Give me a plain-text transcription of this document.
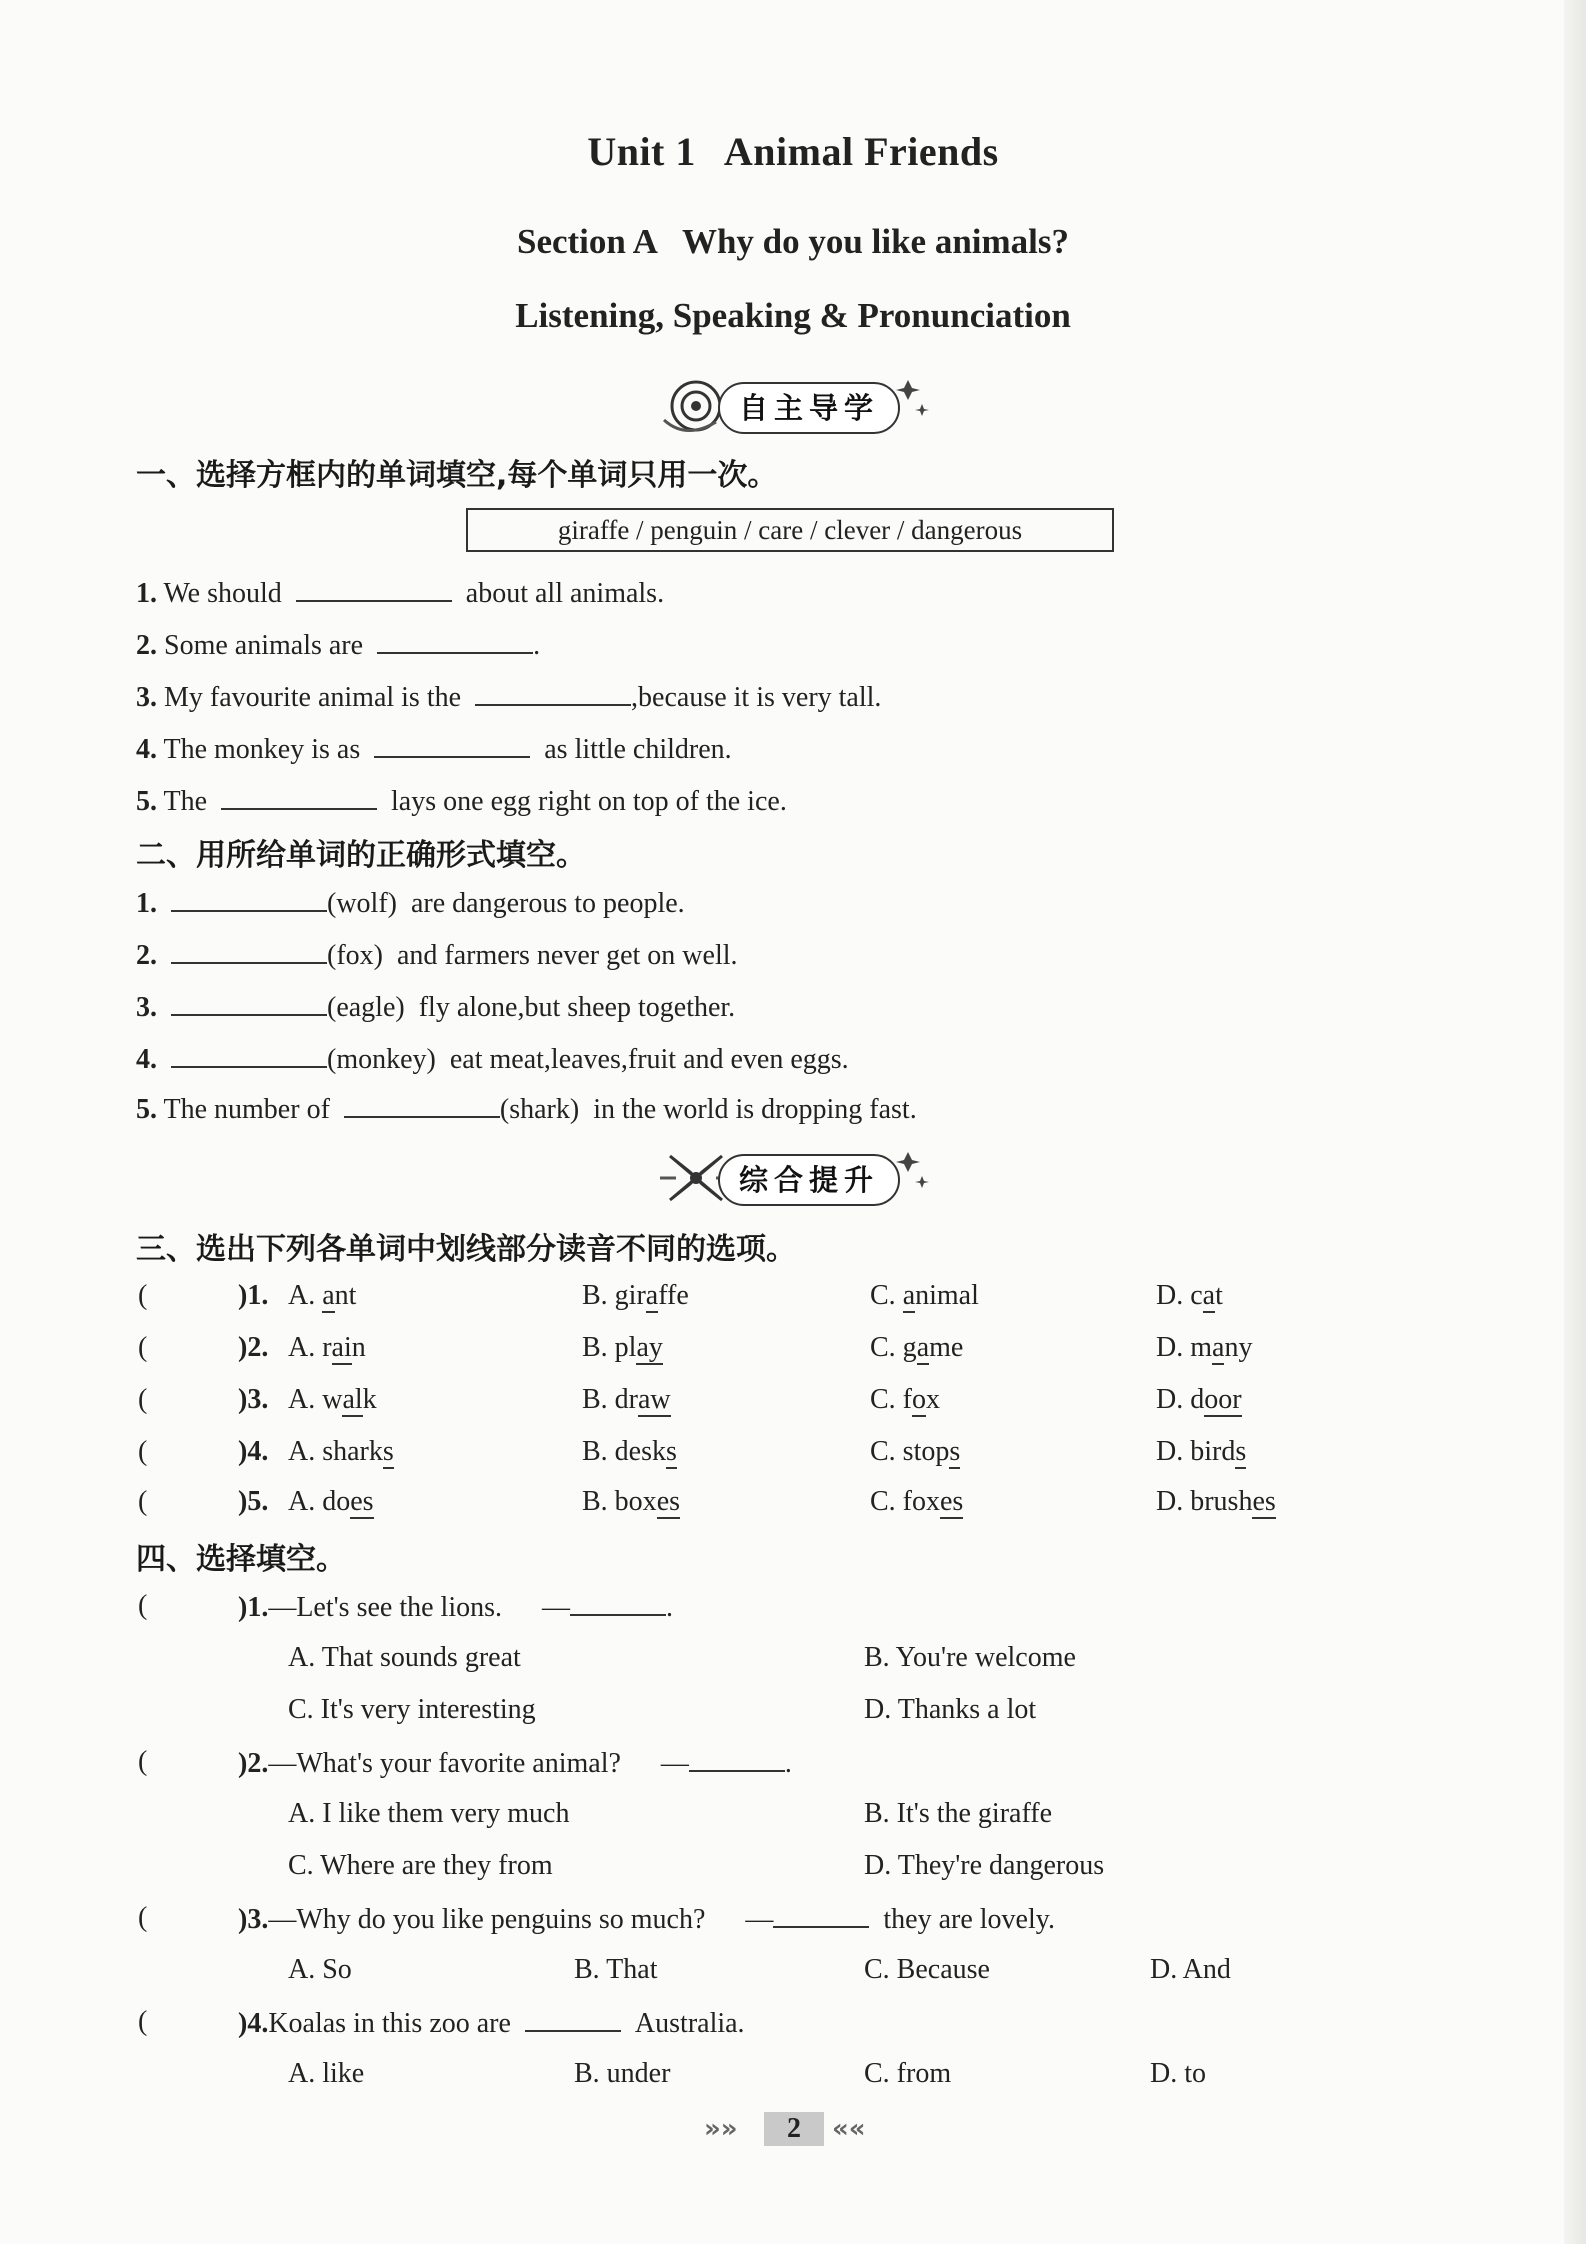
Unit 1 Animal Friends
Section A Why do you like animals?
Listening, Speaking & Pronunciation
自主导学
一、选择方框内的单词填空,每个单词只用一次。
giraffe / penguin / care / clever / dangerous
1. We should	about all animals.
2. Some animals are	.
3. My favourite animal is the	,because it is very tall.
4. The monkey is as	as little children.
5. The	lays one egg right on top of the ice.
二、用所给单词的正确形式填空。
1.	(wolf) are dangerous to people.
2.	(fox) and farmers never get on well.
3.	(eagle) fly alone,but sheep together.
4.	(monkey) eat meat,leaves,fruit and even eggs.
5. The number of	(shark) in the world is dropping fast.
综合提升
三、选出下列各单词中划线部分读音不同的选项。
(	)1. A. ant	B. giraffe	C. animal	D. cat
(	)2. A. rain	B. play	C. game	D. many
(	)3. A. walk	B. draw	C. fox	D. door
(	)4. A. sharks	B. desks	C. stops	D. birds
(	)5. A. does	B. boxes	C. foxes	D. brushes
四、选择填空。
(	)1.—Let's see the lions. —	.
A. That sounds great	B. You're welcome
C. It's very interesting	D. Thanks a lot
(	)2.—What's your favorite animal? —	.
A. I like them very much	B. It's the giraffe
C. Where are they from	D. They're dangerous
(	)3.—Why do you like penguins so much? —	they are lovely.
A. So	B. That	C. Because	D. And
(	)4.Koalas in this zoo are	Australia.
A. like	B. under	C. from	D. to
»»	2	««
